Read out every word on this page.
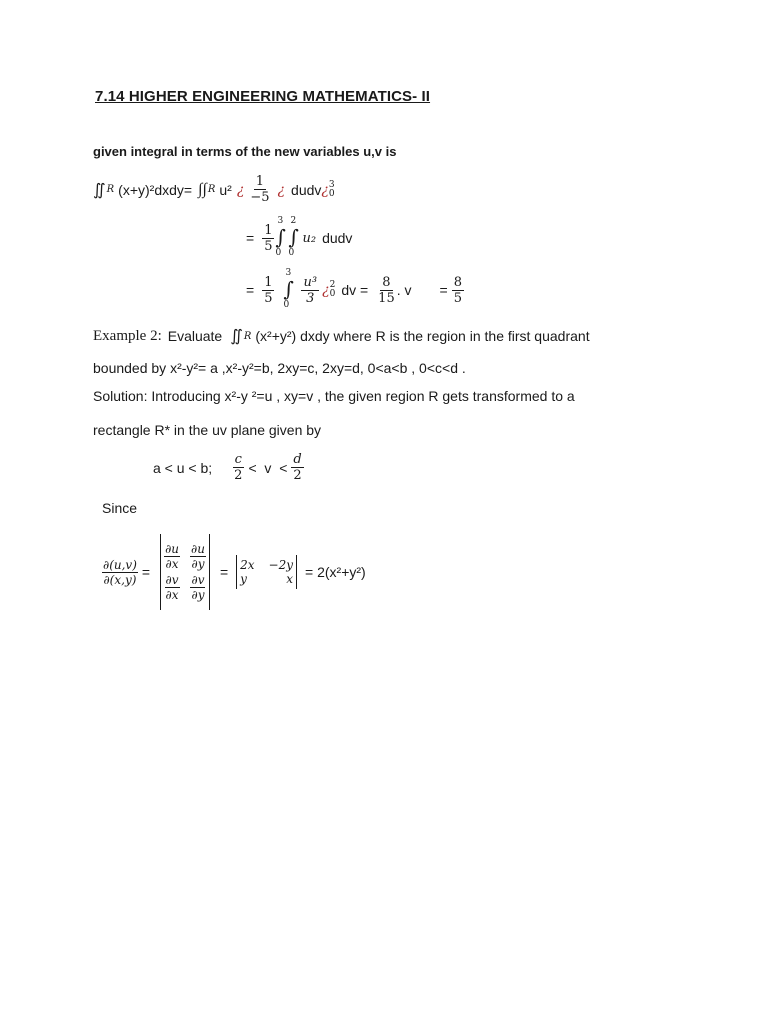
7.14 HIGHER ENGINEERING MATHEMATICS- II
given integral in terms of the new variables u,v is
∬ R (x+y)²dxdy= ∫∫ R u² ¿ $\frac{1}{-5}$ ¿ dudv ¿ 3
0
= $\frac{1}{5}$
3
∫
0
2
∫
0
u₂ dudv
= $\frac{1}{5}$
3
∫
$0 \frac{\text{u³}}{3}$ ¿ 2
0 dv = $\frac{8}{15}$ . $v = \frac{8}{5}$
Example 2: Evaluate ∬ R (x²+y²) dxdy where R is the region in the first quadrant
bounded by x²-y²= a ,x²-y²=b, 2xy=c, 2xy=d, 0<a<b , 0<c<d .
Solution: Introducing x²-y ²=u , xy=v , the given region R gets transformed to a
rectangle R* in the uv plane given by
a < u < b; $\frac{c}{2} < v < \frac{d}{2}$
Since
$\frac{\partial(u,v)}{\partial(x,y)}$ =
∂u
∂x
∂u
∂y
∂v
∂x
∂v
∂y
= 2x −2y
y	x = 2(x²+y²)
